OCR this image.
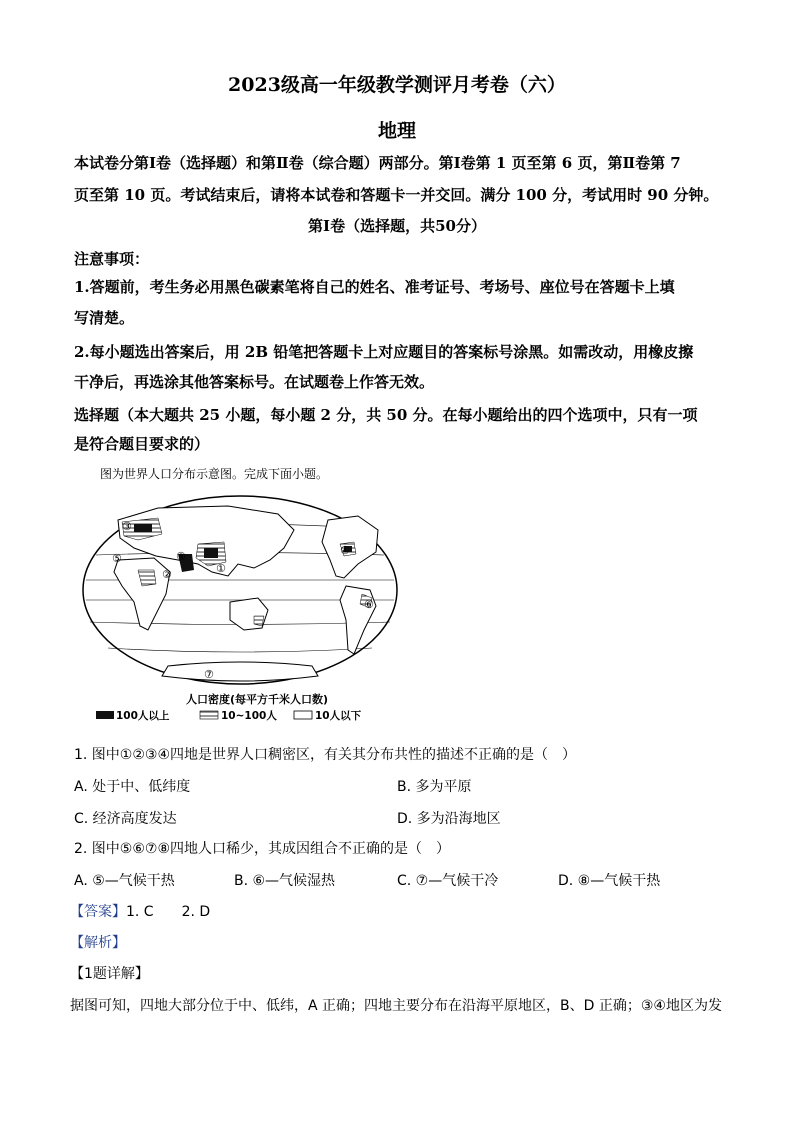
2023级高一年级教学测评月考卷（六）
地理
本试卷分第Ⅰ卷（选择题）和第Ⅱ卷（综合题）两部分。第Ⅰ卷第 1 页至第 6 页，第Ⅱ卷第 7
页至第 10 页。考试结束后，请将本试卷和答题卡一并交回。满分 100 分，考试用时 90 分钟。
第Ⅰ卷（选择题，共50分）
注意事项：
1.答题前，考生务必用黑色碳素笔将自己的姓名、准考证号、考场号、座位号在答题卡上填
写清楚。
2.每小题选出答案后，用 2B 铅笔把答题卡上对应题目的答案标号涂黑。如需改动，用橡皮擦
干净后，再选涂其他答案标号。在试题卷上作答无效。
选择题（本大题共 25 小题，每小题 2 分，共 50 分。在每小题给出的四个选项中，只有一项
是符合题目要求的）
图为世界人口分布示意图。完成下面小题。
①
②
③
④
⑤
⑥
⑦
⑧
人口密度(每平方千米人口数)
100人以上	10~100人	10人以下
1. 图中①②③④四地是世界人口稠密区，有关其分布共性的描述不正确的是（　）
A. 处于中、低纬度	B. 多为平原
C. 经济高度发达	D. 多为沿海地区
2. 图中⑤⑥⑦⑧四地人口稀少，其成因组合不正确的是（　）
A. ⑤—气候干热	B. ⑥—气候湿热	C. ⑦—气候干冷	D. ⑧—气候干热
【答案】1. C　　2. D
【解析】
【1题详解】
据图可知，四地大部分位于中、低纬，A 正确；四地主要分布在沿海平原地区，B、D 正确；③④地区为发
